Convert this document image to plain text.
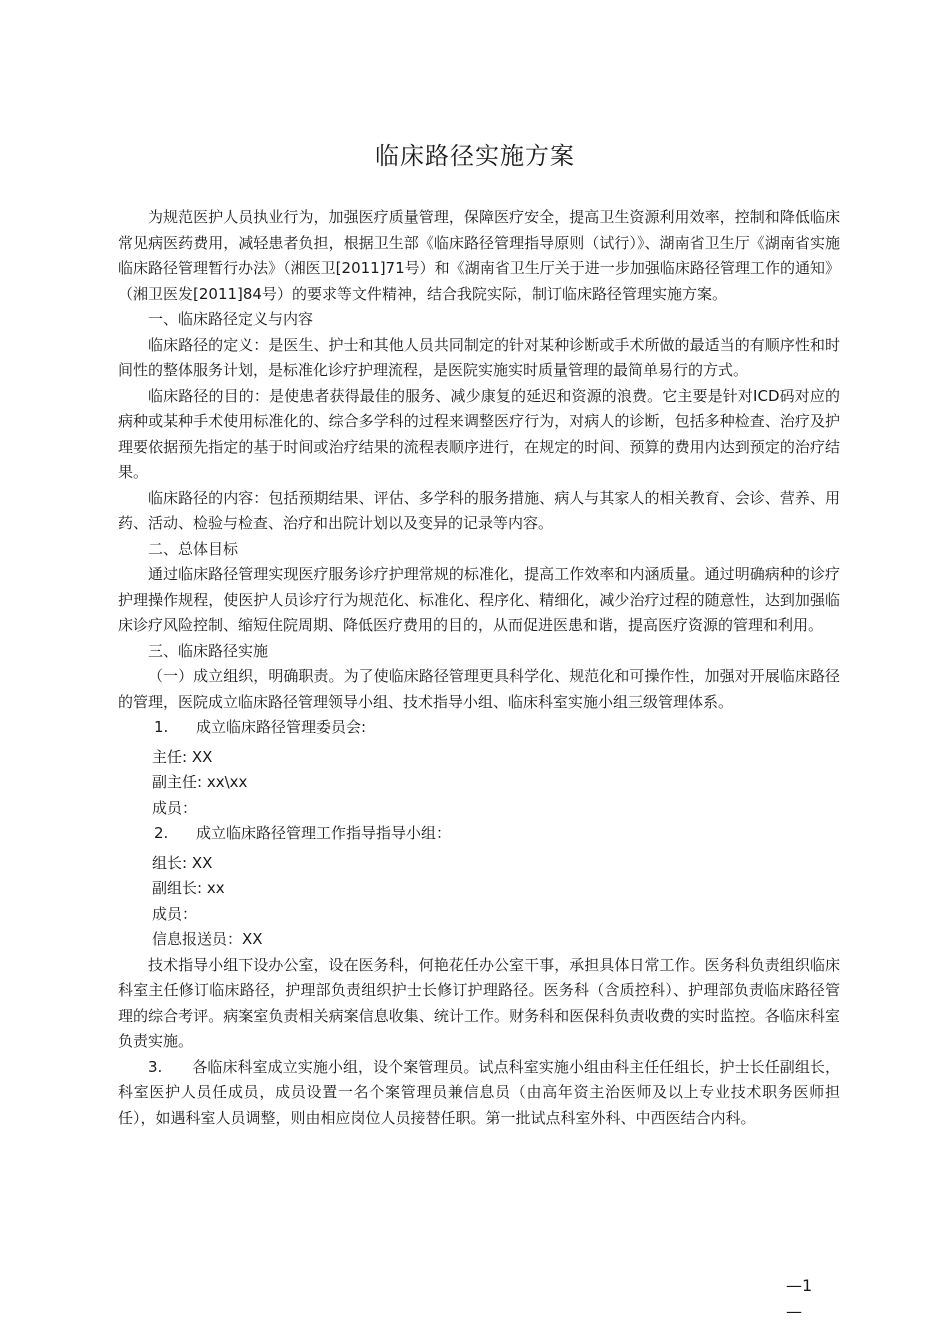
临床路径实施方案

为规范医护人员执业行为，加强医疗质量管理，保障医疗安全，提高卫生资源利用效率，控制和降低临床常见病医药费用，减轻患者负担，根据卫生部《临床路径管理指导原则（试行）》、湖南省卫生厅《湖南省实施临床路径管理暂行办法》（湘医卫[2011]71号）和《湖南省卫生厅关于进一步加强临床路径管理工作的通知》（湘卫医发[2011]84号）的要求等文件精神，结合我院实际，制订临床路径管理实施方案。

一、临床路径定义与内容

临床路径的定义：是医生、护士和其他人员共同制定的针对某种诊断或手术所做的最适当的有顺序性和时间性的整体服务计划，是标准化诊疗护理流程，是医院实施实时质量管理的最简单易行的方式。

临床路径的目的：是使患者获得最佳的服务、减少康复的延迟和资源的浪费。它主要是针对ICD码对应的病种或某种手术使用标准化的、综合多学科的过程来调整医疗行为，对病人的诊断，包括多种检查、治疗及护理要依据预先指定的基于时间或治疗结果的流程表顺序进行，在规定的时间、预算的费用内达到预定的治疗结果。

临床路径的内容：包括预期结果、评估、多学科的服务措施、病人与其家人的相关教育、会诊、营养、用药、活动、检验与检查、治疗和出院计划以及变异的记录等内容。

二、总体目标

通过临床路径管理实现医疗服务诊疗护理常规的标准化，提高工作效率和内涵质量。通过明确病种的诊疗护理操作规程，使医护人员诊疗行为规范化、标准化、程序化、精细化，减少治疗过程的随意性，达到加强临床诊疗风险控制、缩短住院周期、降低医疗费用的目的，从而促进医患和谐，提高医疗资源的管理和利用。

三、临床路径实施

（一）成立组织，明确职责。为了使临床路径管理更具科学化、规范化和可操作性，加强对开展临床路径的管理，医院成立临床路径管理领导小组、技术指导小组、临床科室实施小组三级管理体系。

1. 成立临床路径管理委员会:

主任: XX

副主任: xx\xx

成员：

2. 成立临床路径管理工作指导指导小组：

组长: XX

副组长: xx

成员：

信息报送员：XX

技术指导小组下设办公室，设在医务科，何艳花任办公室干事，承担具体日常工作。医务科负责组织临床科室主任修订临床路径，护理部负责组织护士长修订护理路径。医务科（含质控科）、护理部负责临床路径管理的综合考评。病案室负责相关病案信息收集、统计工作。财务科和医保科负责收费的实时监控。各临床科室负责实施。

3. 各临床科室成立实施小组，设个案管理员。试点科室实施小组由科主任任组长，护士长任副组长，科室医护人员任成员，成员设置一名个案管理员兼信息员（由高年资主治医师及以上专业技术职务医师担任），如遇科室人员调整，则由相应岗位人员接替任职。第一批试点科室外科、中西医结合内科。

—1
—
